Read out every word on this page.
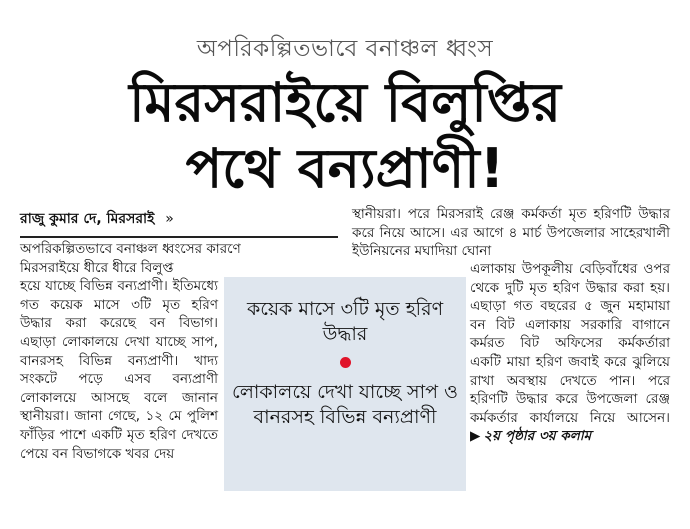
অপরিকল্পিতভাবে বনাঞ্চল ধ্বংস
মিরসরাইয়ে বিলুপ্তির
পথে বন্যপ্রাণী!
রাজু কুমার দে, মিরসরাই »

অপরিকল্পিতভাবে বনাঞ্চল ধ্বংসের কারণে

মিরসরাইয়ে ধীরে ধীরে বিলুপ্ত

হয়ে যাচ্ছে বিভিন্ন বন্যপ্রাণী। ইতিমধ্যে গত কয়েক মাসে ৩টি মৃত হরিণ উদ্ধার করা করেছে বন বিভাগ। এছাড়া লোকালয়ে দেখা যাচ্ছে সাপ, বানরসহ বিভিন্ন বন্যপ্রাণী। খাদ্য সংকটে পড়ে এসব বন্যপ্রাণী লোকালয়ে আসছে বলে জানান স্থানীয়রা। জানা গেছে, ১২ মে পুলিশ ফাঁড়ির পাশে একটি মৃত হরিণ দেখতে পেয়ে বন বিভাগকে খবর দেয়

স্থানীয়রা। পরে মিরসরাই রেঞ্জ কর্মকর্তা মৃত হরিণটি উদ্ধার করে নিয়ে আসে। এর আগে ৪ মার্চ উপজেলার সাহেরখালী ইউনিয়নের মঘাদিয়া ঘোনা

এলাকায় উপকূলীয় বেড়িবাঁধের ওপর থেকে দুটি মৃত হরিণ উদ্ধার করা হয়। এছাড়া গত বছরের ৫ জুন মহামায়া বন বিট এলাকায় সরকারি বাগানে কর্মরত বিট অফিসের কর্মকর্তারা একটি মায়া হরিণ জবাই করে ঝুলিয়ে রাখা অবস্থায় দেখতে পান। পরে হরিণটি উদ্ধার করে উপজেলা রেঞ্জ কর্মকর্তার কার্যালয়ে নিয়ে আসেন। ▶ ২য় পৃষ্ঠার ৩য় কলাম

কয়েক মাসে ৩টি মৃত হরিণ উদ্ধার

লোকালয়ে দেখা যাচ্ছে সাপ ও বানরসহ বিভিন্ন বন্যপ্রাণী
